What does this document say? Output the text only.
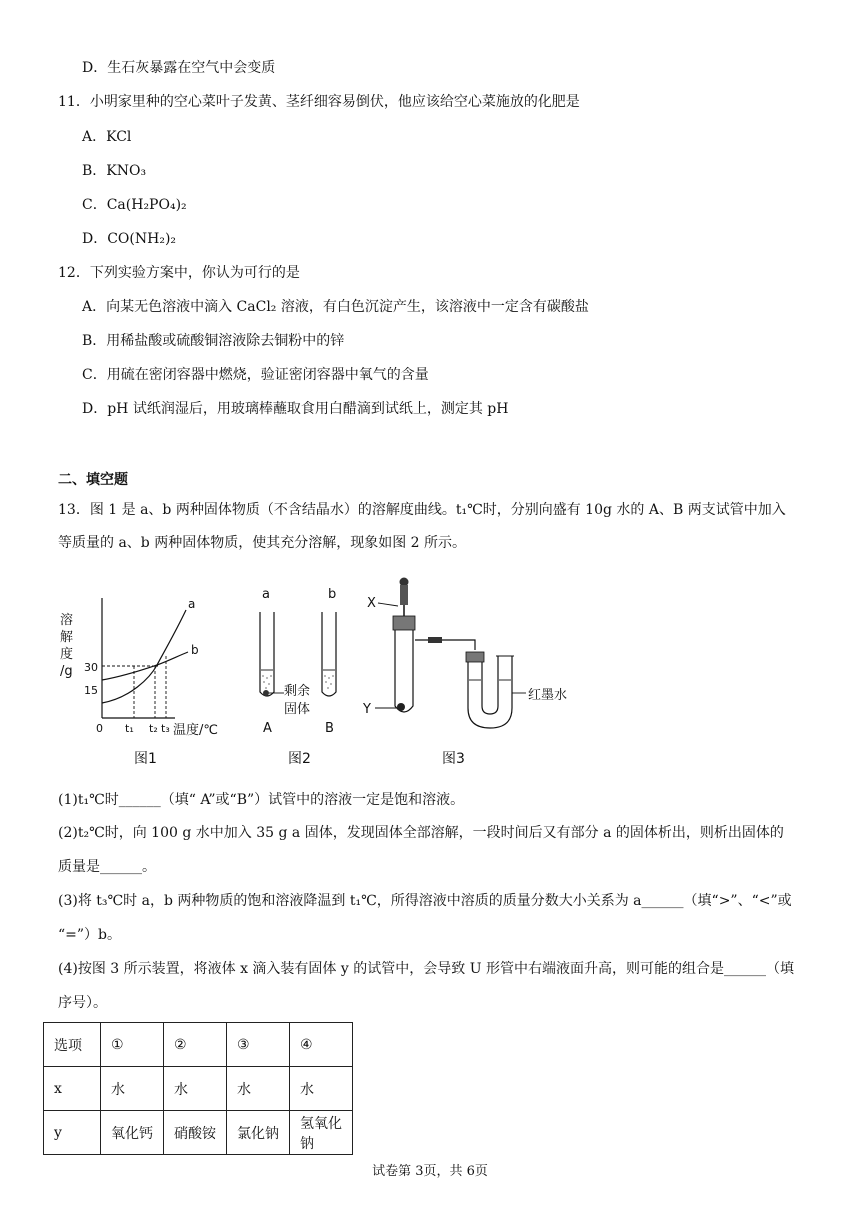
D．生石灰暴露在空气中会变质
11．小明家里种的空心菜叶子发黄、茎纤细容易倒伏，他应该给空心菜施放的化肥是
A．KCl
B．KNO₃
C．Ca(H₂PO₄)₂
D．CO(NH₂)₂
12．下列实验方案中，你认为可行的是
A．向某无色溶液中滴入 CaCl₂ 溶液，有白色沉淀产生，该溶液中一定含有碳酸盐
B．用稀盐酸或硫酸铜溶液除去铜粉中的锌
C．用硫在密闭容器中燃烧，验证密闭容器中氧气的含量
D．pH 试纸润湿后，用玻璃棒蘸取食用白醋滴到试纸上，测定其 pH
二、填空题
13．图 1 是 a、b 两种固体物质（不含结晶水）的溶解度曲线。t₁℃时，分别向盛有 10g 水的 A、B 两支试管中加入
等质量的 a、b 两种固体物质，使其充分溶解，现象如图 2 所示。
溶
解
度
/g 30
15
0
a
b
t₁ t₂ t₃ 温度/℃
图1
a	b
剩余
固体
A	B
图2
X
Y
红墨水
图3
(1)t₁℃时______（填“ A”或“B”）试管中的溶液一定是饱和溶液。
(2)t₂℃时，向 100 g 水中加入 35 g a 固体，发现固体全部溶解，一段时间后又有部分 a 的固体析出，则析出固体的
质量是______。
(3)将 t₃℃时 a，b 两种物质的饱和溶液降温到 t₁℃，所得溶液中溶质的质量分数大小关系为 a______（填“>”、“<”或
“=”）b。
(4)按图 3 所示装置，将液体 x 滴入装有固体 y 的试管中，会导致 U 形管中右端液面升高，则可能的组合是______（填
序号）。
选项	①	②	③	④
x	水	水	水	水
y	氧化钙	硝酸铵	氯化钠	氢氧化钠
试卷第 3页，共 6页
